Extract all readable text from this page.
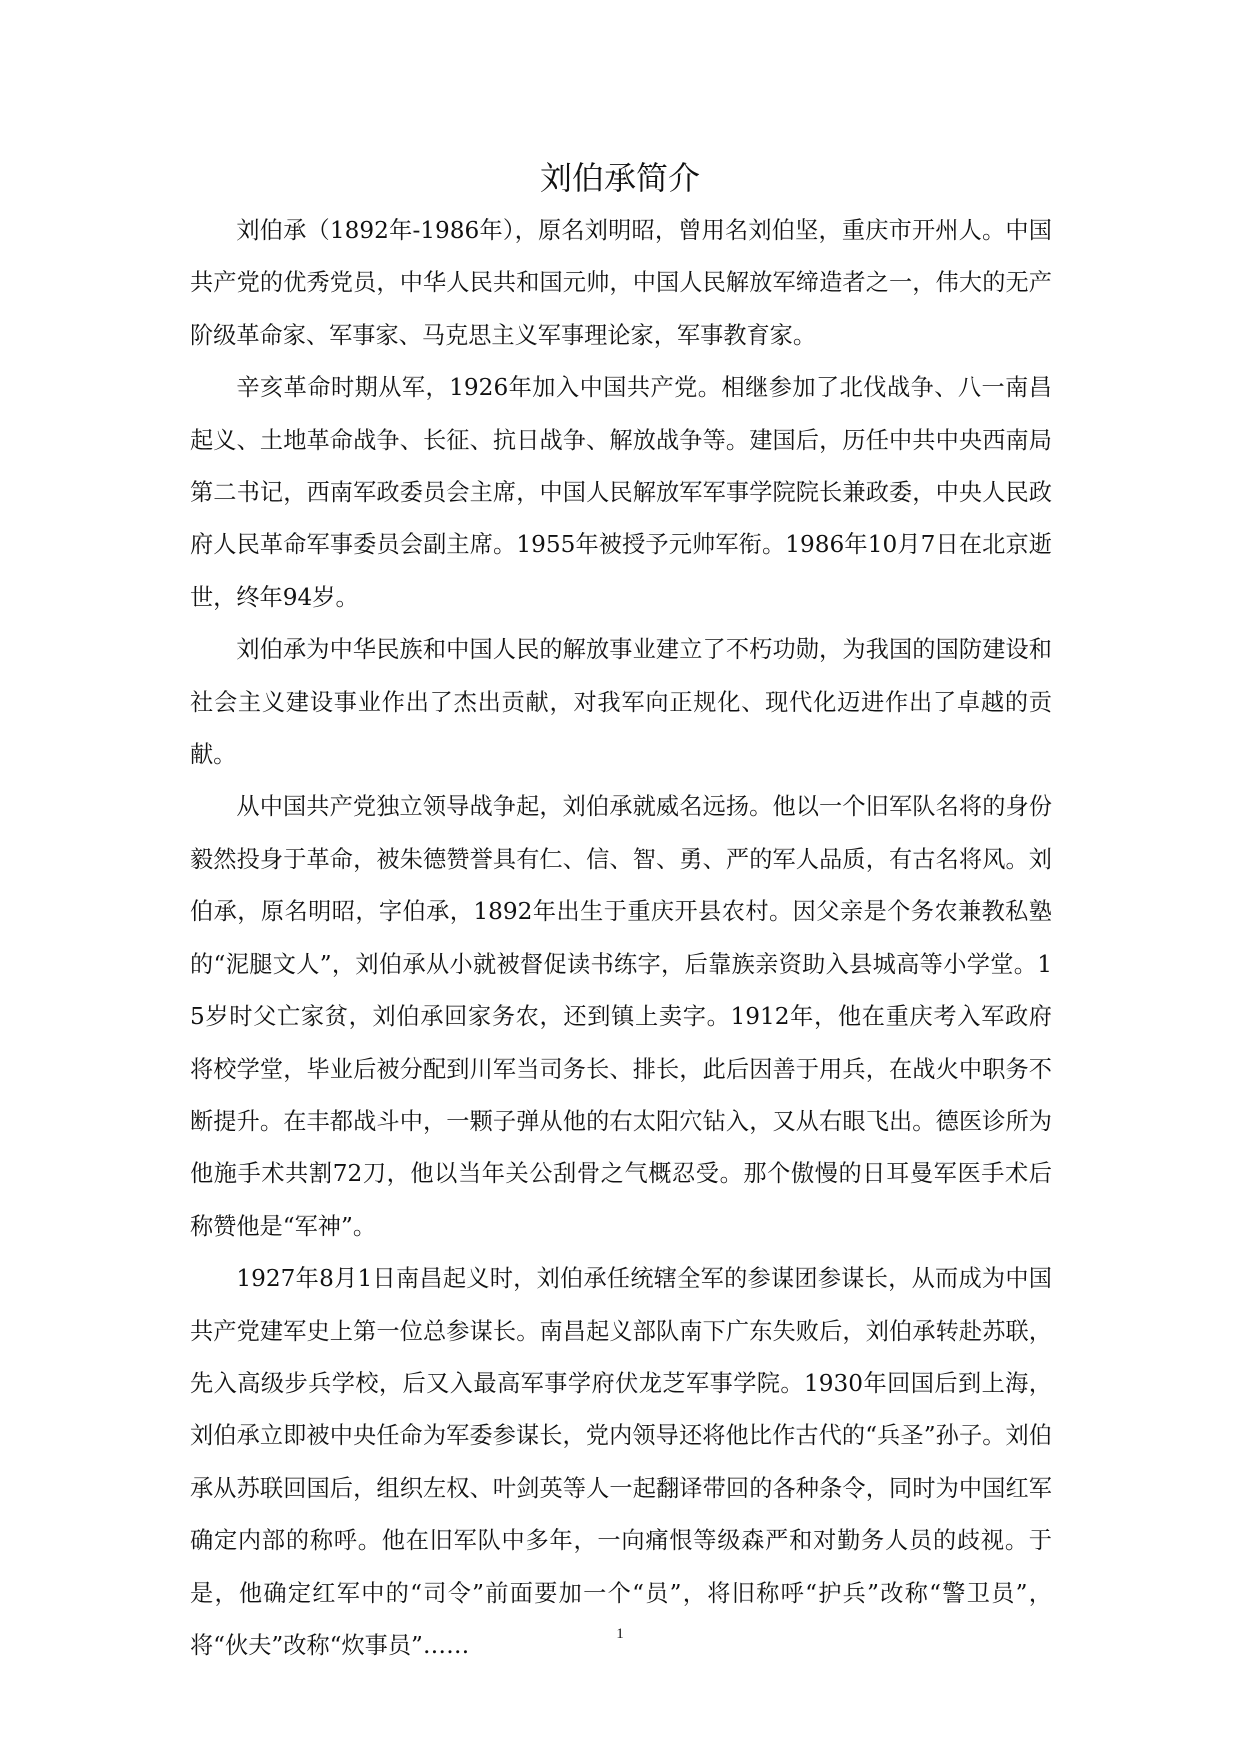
刘伯承简介

刘伯承（1892年-1986年），原名刘明昭，曾用名刘伯坚，重庆市开州人。中国共产党的优秀党员，中华人民共和国元帅，中国人民解放军缔造者之一，伟大的无产阶级革命家、军事家、马克思主义军事理论家，军事教育家。

辛亥革命时期从军，1926年加入中国共产党。相继参加了北伐战争、八一南昌起义、土地革命战争、长征、抗日战争、解放战争等。建国后，历任中共中央西南局第二书记，西南军政委员会主席，中国人民解放军军事学院院长兼政委，中央人民政府人民革命军事委员会副主席。1955年被授予元帅军衔。1986年10月7日在北京逝世，终年94岁。

刘伯承为中华民族和中国人民的解放事业建立了不朽功勋，为我国的国防建设和社会主义建设事业作出了杰出贡献，对我军向正规化、现代化迈进作出了卓越的贡献。

从中国共产党独立领导战争起，刘伯承就威名远扬。他以一个旧军队名将的身份毅然投身于革命，被朱德赞誉具有仁、信、智、勇、严的军人品质，有古名将风。刘伯承，原名明昭，字伯承，1892年出生于重庆开县农村。因父亲是个务农兼教私塾的“泥腿文人”，刘伯承从小就被督促读书练字，后靠族亲资助入县城高等小学堂。15岁时父亡家贫，刘伯承回家务农，还到镇上卖字。1912年，他在重庆考入军政府将校学堂，毕业后被分配到川军当司务长、排长，此后因善于用兵，在战火中职务不断提升。在丰都战斗中，一颗子弹从他的右太阳穴钻入，又从右眼飞出。德医诊所为他施手术共割72刀，他以当年关公刮骨之气概忍受。那个傲慢的日耳曼军医手术后称赞他是“军神”。

1927年8月1日南昌起义时，刘伯承任统辖全军的参谋团参谋长，从而成为中国共产党建军史上第一位总参谋长。南昌起义部队南下广东失败后，刘伯承转赴苏联，先入高级步兵学校，后又入最高军事学府伏龙芝军事学院。1930年回国后到上海，刘伯承立即被中央任命为军委参谋长，党内领导还将他比作古代的“兵圣”孙子。刘伯承从苏联回国后，组织左权、叶剑英等人一起翻译带回的各种条令，同时为中国红军确定内部的称呼。他在旧军队中多年，一向痛恨等级森严和对勤务人员的歧视。于是，他确定红军中的“司令”前面要加一个“员”，将旧称呼“护兵”改称“警卫员”，将“伙夫”改称“炊事员”……	1
